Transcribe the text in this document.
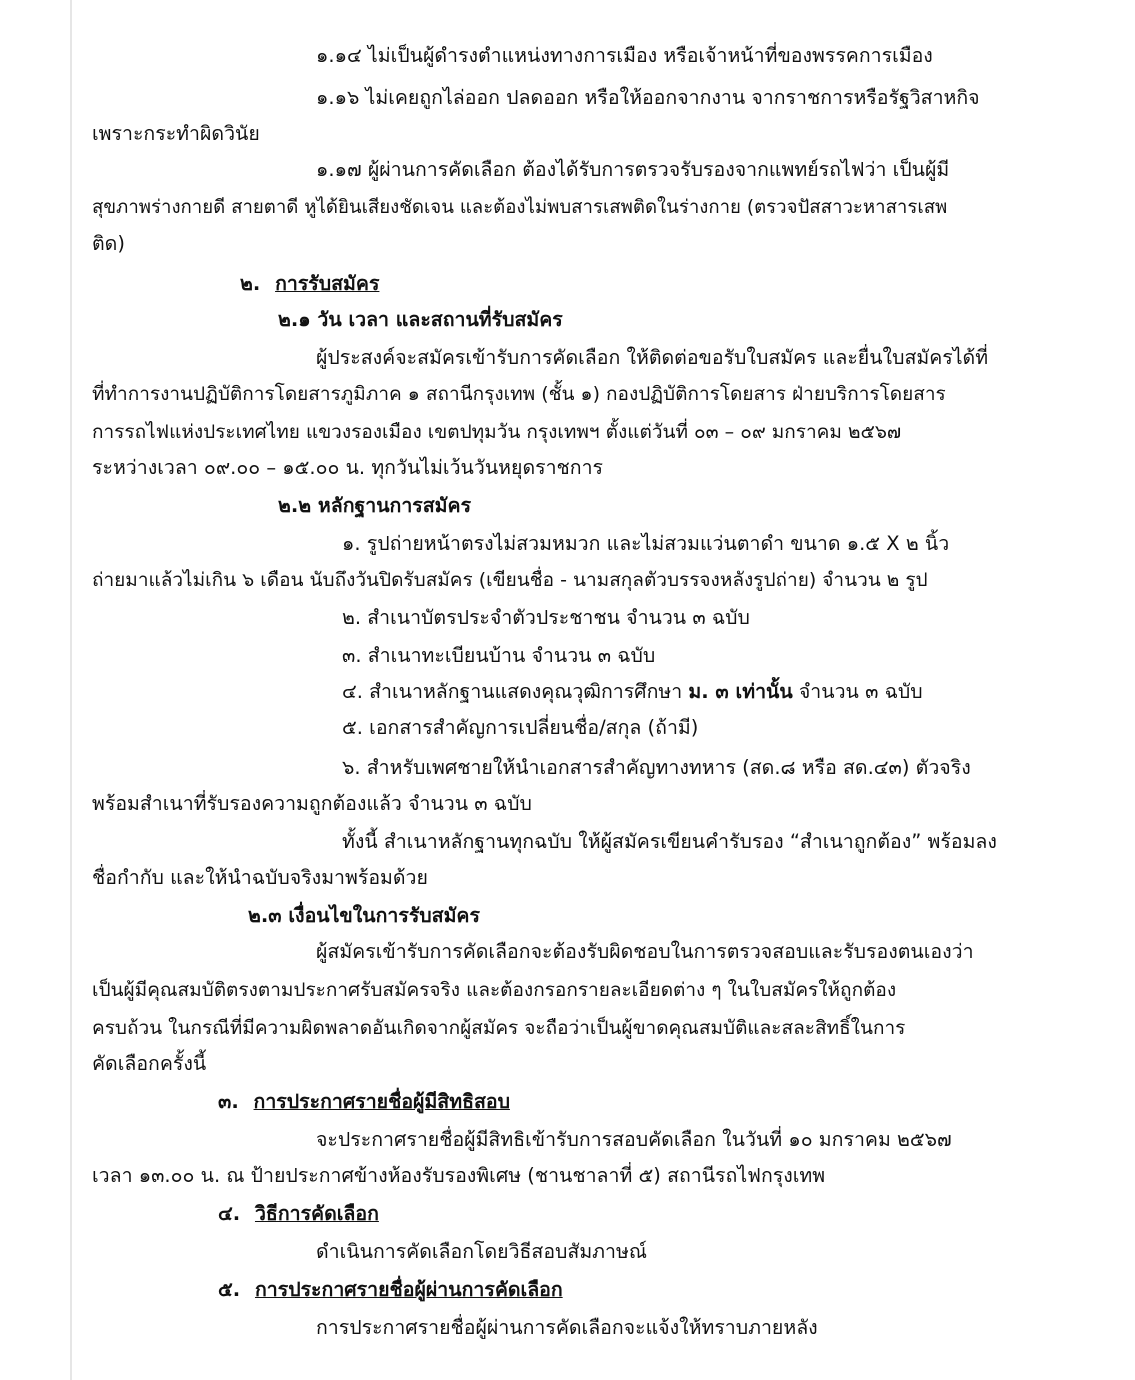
๑.๑๔ ไม่เป็นผู้ดำรงตำแหน่งทางการเมือง หรือเจ้าหน้าที่ของพรรคการเมือง
๑.๑๖ ไม่เคยถูกไล่ออก ปลดออก หรือให้ออกจากงาน จากราชการหรือรัฐวิสาหกิจ
เพราะกระทำผิดวินัย
๑.๑๗ ผู้ผ่านการคัดเลือก ต้องได้รับการตรวจรับรองจากแพทย์รถไฟว่า เป็นผู้มี
สุขภาพร่างกายดี สายตาดี หูได้ยินเสียงชัดเจน และต้องไม่พบสารเสพติดในร่างกาย (ตรวจปัสสาวะหาสารเสพ
ติด)
๒. การรับสมัคร
๒.๑ วัน เวลา และสถานที่รับสมัคร
ผู้ประสงค์จะสมัครเข้ารับการคัดเลือก ให้ติดต่อขอรับใบสมัคร และยื่นใบสมัครได้ที่
ที่ทำการงานปฏิบัติการโดยสารภูมิภาค ๑ สถานีกรุงเทพ (ชั้น ๑) กองปฏิบัติการโดยสาร ฝ่ายบริการโดยสาร
การรถไฟแห่งประเทศไทย แขวงรองเมือง เขตปทุมวัน กรุงเทพฯ ตั้งแต่วันที่ ๐๓ – ๐๙ มกราคม ๒๕๖๗
ระหว่างเวลา ๐๙.๐๐ – ๑๕.๐๐ น. ทุกวันไม่เว้นวันหยุดราชการ
๒.๒ หลักฐานการสมัคร
๑. รูปถ่ายหน้าตรงไม่สวมหมวก และไม่สวมแว่นตาดำ ขนาด ๑.๕ X ๒ นิ้ว
ถ่ายมาแล้วไม่เกิน ๖ เดือน นับถึงวันปิดรับสมัคร (เขียนชื่อ - นามสกุลตัวบรรจงหลังรูปถ่าย) จำนวน ๒ รูป
๒. สำเนาบัตรประจำตัวประชาชน จำนวน ๓ ฉบับ
๓. สำเนาทะเบียนบ้าน จำนวน ๓ ฉบับ
๔. สำเนาหลักฐานแสดงคุณวุฒิการศึกษา ม. ๓ เท่านั้น จำนวน ๓ ฉบับ
๕. เอกสารสำคัญการเปลี่ยนชื่อ/สกุล (ถ้ามี)
๖. สำหรับเพศชายให้นำเอกสารสำคัญทางทหาร (สด.๘ หรือ สด.๔๓) ตัวจริง
พร้อมสำเนาที่รับรองความถูกต้องแล้ว จำนวน ๓ ฉบับ
ทั้งนี้ สำเนาหลักฐานทุกฉบับ ให้ผู้สมัครเขียนคำรับรอง “สำเนาถูกต้อง” พร้อมลง
ชื่อกำกับ และให้นำฉบับจริงมาพร้อมด้วย
๒.๓ เงื่อนไขในการรับสมัคร
ผู้สมัครเข้ารับการคัดเลือกจะต้องรับผิดชอบในการตรวจสอบและรับรองตนเองว่า
เป็นผู้มีคุณสมบัติตรงตามประกาศรับสมัครจริง และต้องกรอกรายละเอียดต่าง ๆ ในใบสมัครให้ถูกต้อง
ครบถ้วน ในกรณีที่มีความผิดพลาดอันเกิดจากผู้สมัคร จะถือว่าเป็นผู้ขาดคุณสมบัติและสละสิทธิ์ในการ
คัดเลือกครั้งนี้
๓. การประกาศรายชื่อผู้มีสิทธิสอบ
จะประกาศรายชื่อผู้มีสิทธิเข้ารับการสอบคัดเลือก ในวันที่ ๑๐ มกราคม ๒๕๖๗
เวลา ๑๓.๐๐ น. ณ ป้ายประกาศข้างห้องรับรองพิเศษ (ชานชาลาที่ ๕) สถานีรถไฟกรุงเทพ
๔. วิธีการคัดเลือก
ดำเนินการคัดเลือกโดยวิธีสอบสัมภาษณ์
๕. การประกาศรายชื่อผู้ผ่านการคัดเลือก
การประกาศรายชื่อผู้ผ่านการคัดเลือกจะแจ้งให้ทราบภายหลัง
